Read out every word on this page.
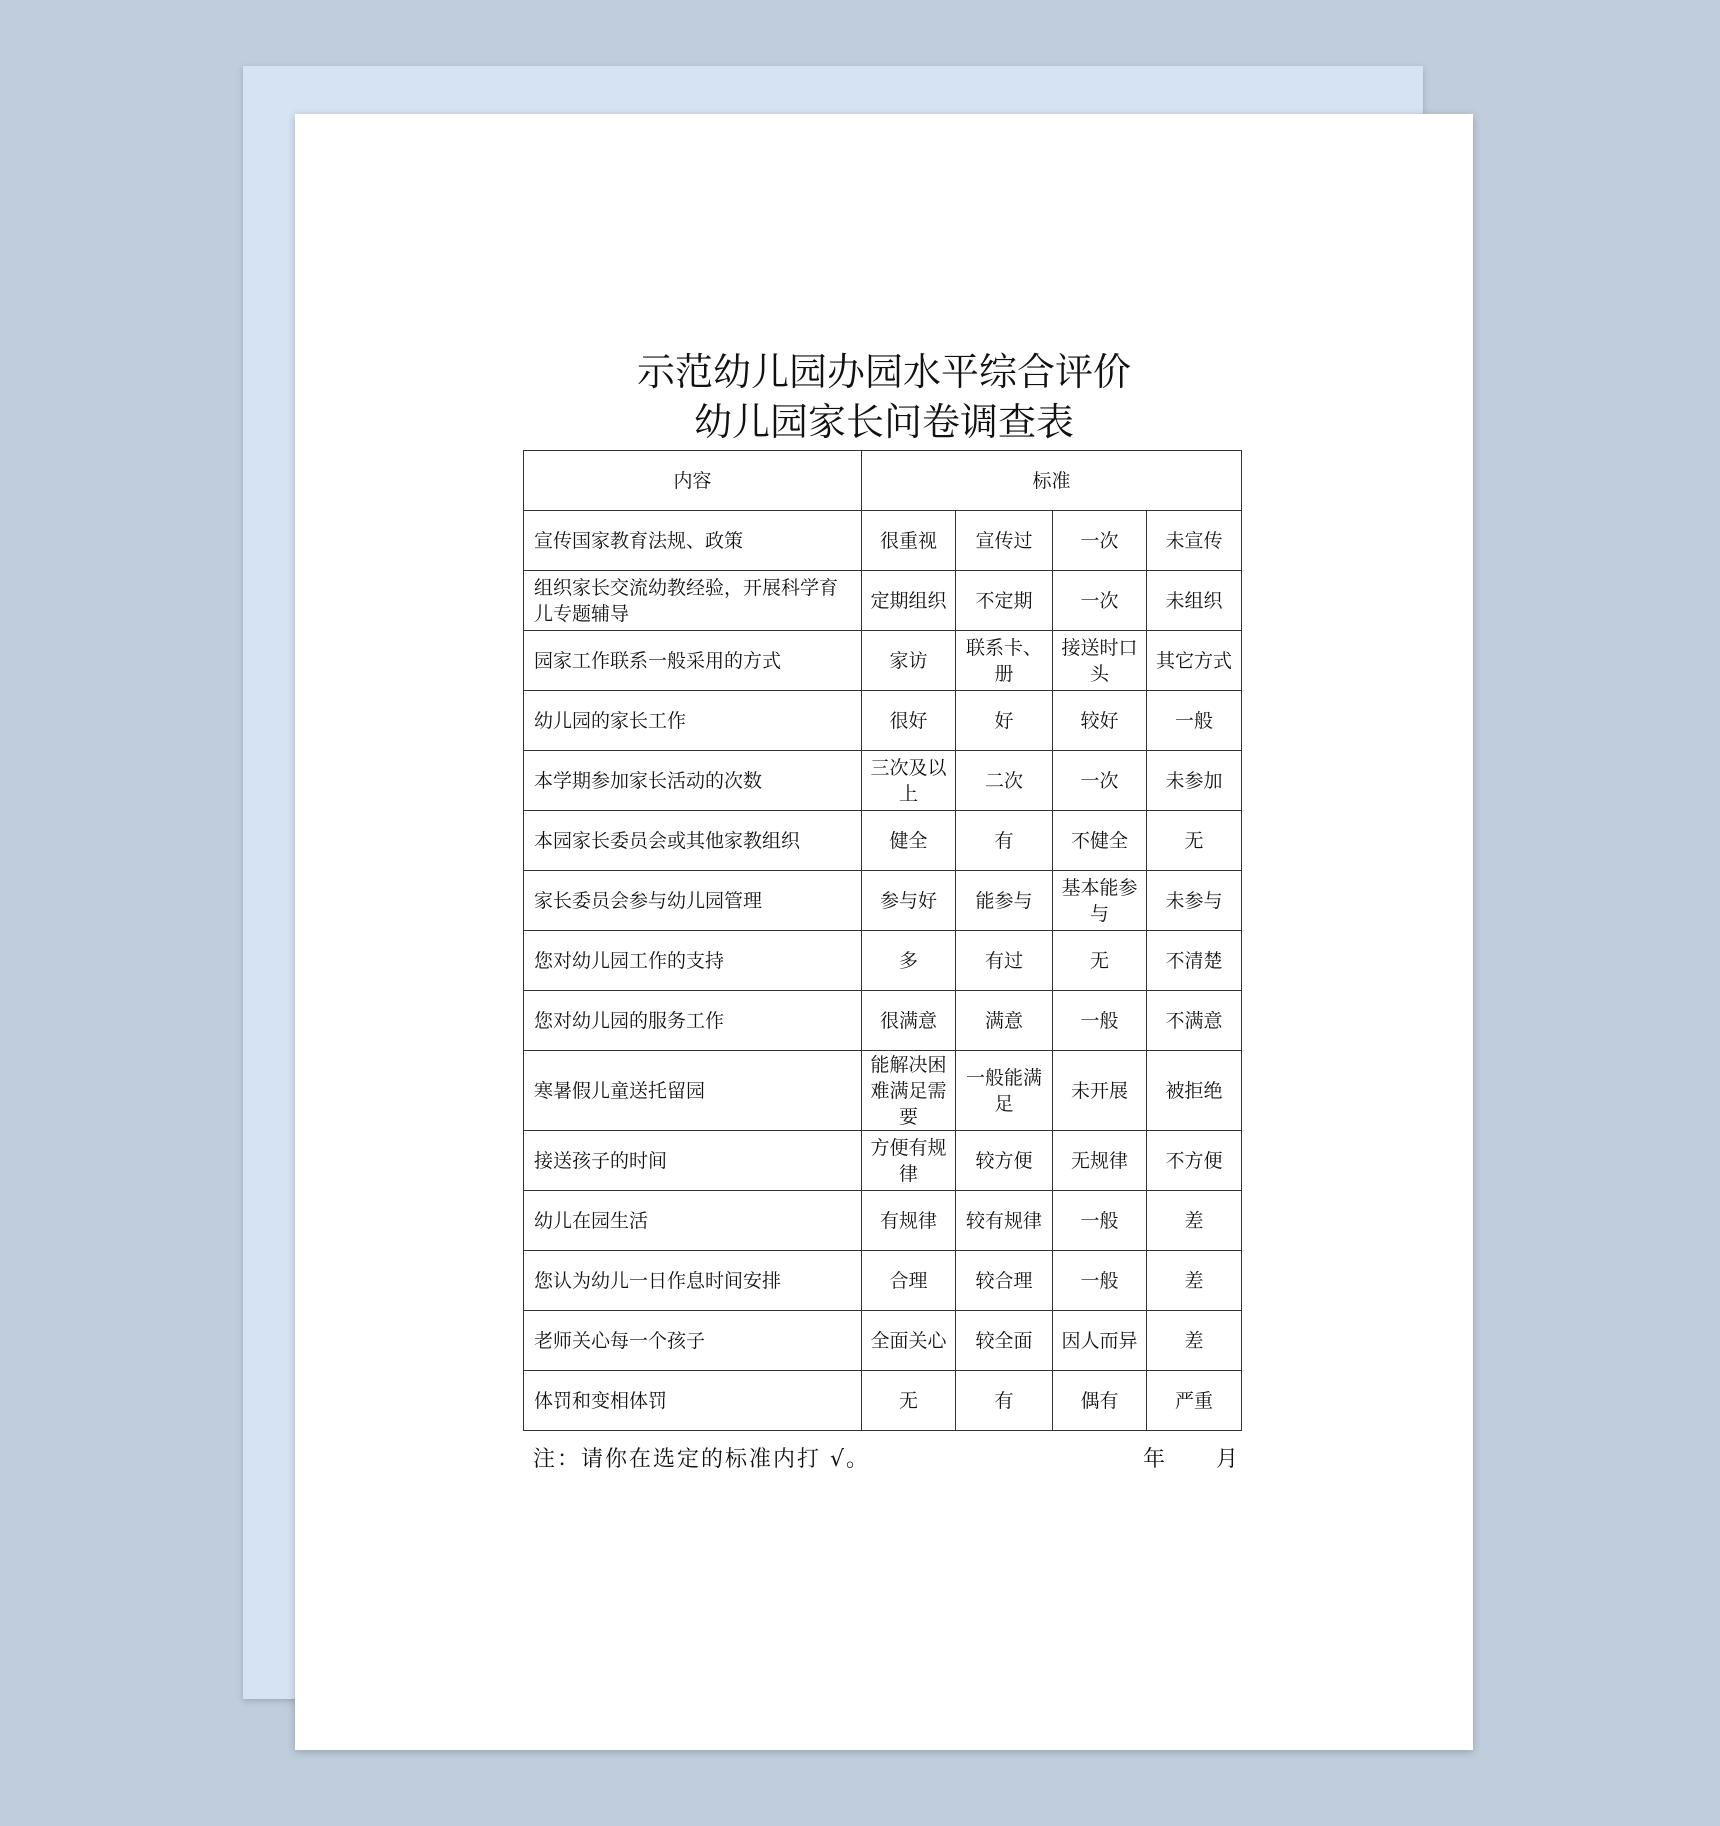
示范幼儿园办园水平综合评价
幼儿园家长问卷调查表
内容	标准			
宣传国家教育法规、政策	很重视	宣传过	一次	未宣传
组织家长交流幼教经验，开展科学育儿专题辅导	定期组织	不定期	一次	未组织
园家工作联系一般采用的方式	家访	联系卡、册	接送时口头	其它方式
幼儿园的家长工作	很好	好	较好	一般
本学期参加家长活动的次数	三次及以上	二次	一次	未参加
本园家长委员会或其他家教组织	健全	有	不健全	无
家长委员会参与幼儿园管理	参与好	能参与	基本能参与	未参与
您对幼儿园工作的支持	多	有过	无	不清楚
您对幼儿园的服务工作	很满意	满意	一般	不满意
寒暑假儿童送托留园	能解决困难满足需要	一般能满足	未开展	被拒绝
接送孩子的时间	方便有规律	较方便	无规律	不方便
幼儿在园生活	有规律	较有规律	一般	差
您认为幼儿一日作息时间安排	合理	较合理	一般	差
老师关心每一个孩子	全面关心	较全面	因人而异	差
体罚和变相体罚	无	有	偶有	严重
注：请你在选定的标准内打 √。	年 月
